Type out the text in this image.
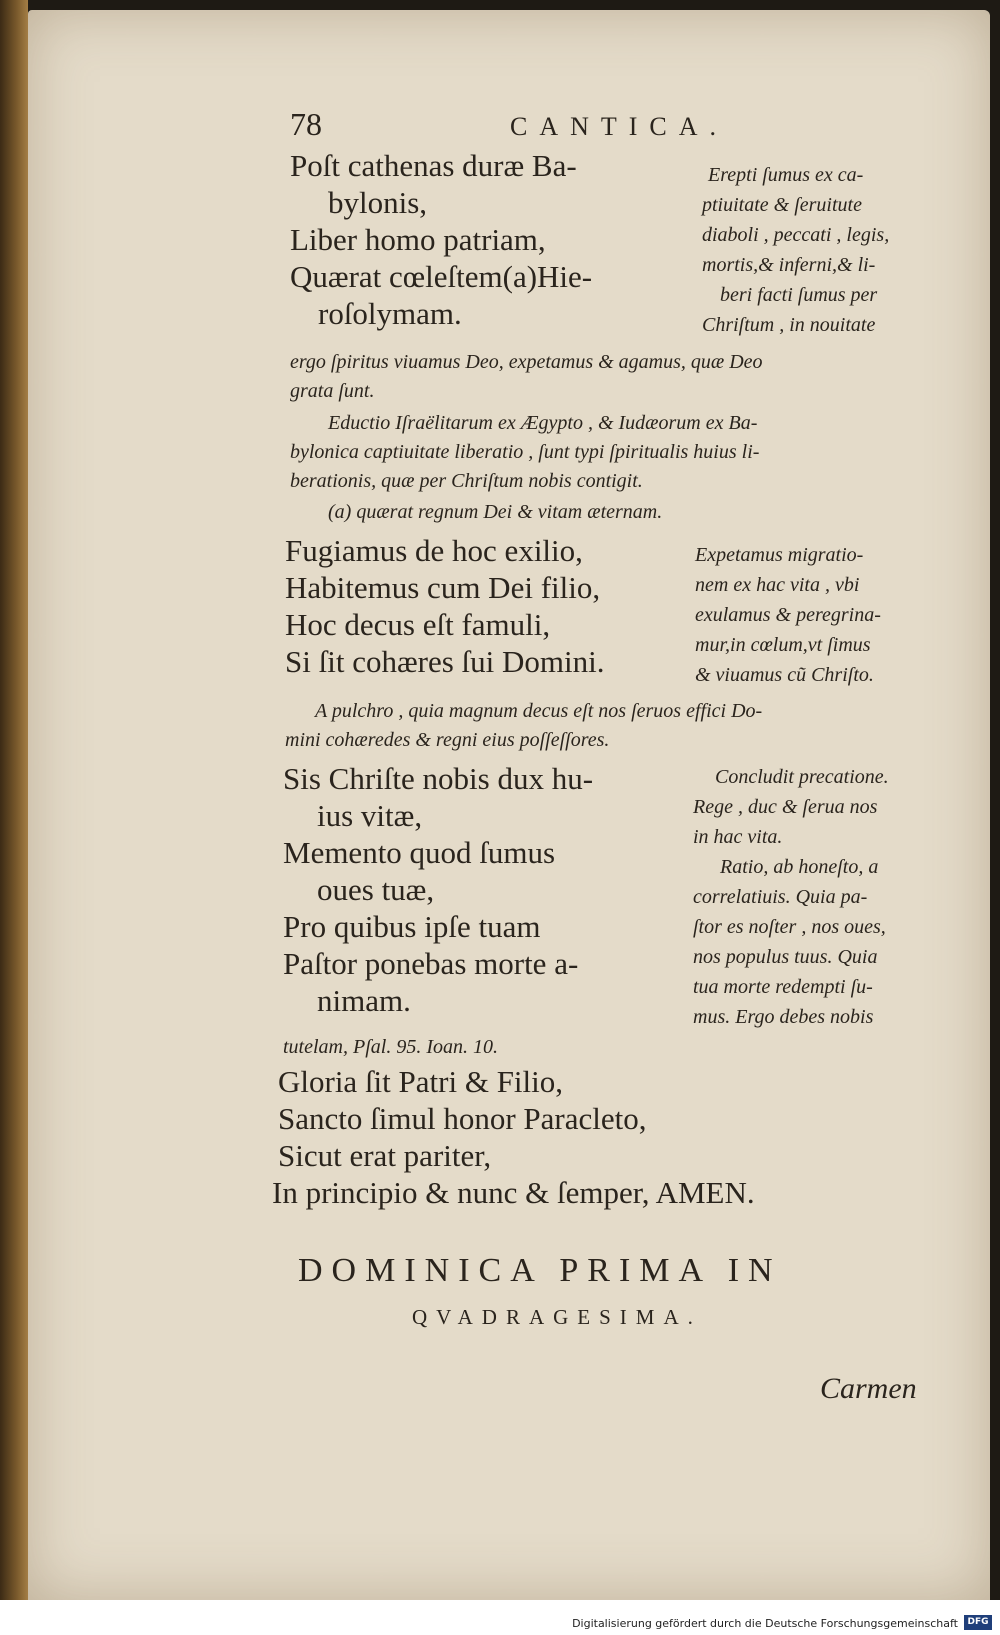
78	CANTICA.
Poſt cathenas duræ Ba-
bylonis,
Liber homo patriam,
Quærat cœleſtem(a)Hie-
roſolymam.
Erepti ſumus ex ca-
ptiuitate & ſeruitute
diaboli , peccati , legis,
mortis,& inferni,& li-
beri facti ſumus per
Chriſtum , in nouitate
ergo ſpiritus viuamus Deo, expetamus & agamus, quæ Deo
grata ſunt.
Eductio Iſraëlitarum ex Ægypto , & Iudæorum ex Ba-
bylonica captiuitate liberatio , ſunt typi ſpiritualis huius li-
berationis, quæ per Chriſtum nobis contigit.
(a) quærat regnum Dei & vitam æternam.
Fugiamus de hoc exilio,
Habitemus cum Dei filio,
Hoc decus eſt famuli,
Si ſit cohæres ſui Domini.
Expetamus migratio-
nem ex hac vita , vbi
exulamus & peregrina-
mur,in cœlum,vt ſimus
& viuamus cũ Chriſto.
A pulchro , quia magnum decus eſt nos ſeruos effici Do-
mini cohæredes & regni eius poſſeſſores.
Sis Chriſte nobis dux hu-
ius vitæ,
Memento quod ſumus
oues tuæ,
Pro quibus ipſe tuam
Paſtor ponebas morte a-
nimam.
Concludit precatione.
Rege , duc & ſerua nos
in hac vita.
Ratio, ab honeſto, a
correlatiuis. Quia pa-
ſtor es noſter , nos oues,
nos populus tuus. Quia
tua morte redempti ſu-
mus. Ergo debes nobis
tutelam, Pſal. 95. Ioan. 10.
Gloria ſit Patri & Filio,
Sancto ſimul honor Paracleto,
Sicut erat pariter,
In principio & nunc & ſemper, AMEN.
DOMINICA PRIMA IN
QVADRAGESIMA.
Carmen
Digitalisierung gefördert durch die Deutsche Forschungsgemeinschaft	DFG
